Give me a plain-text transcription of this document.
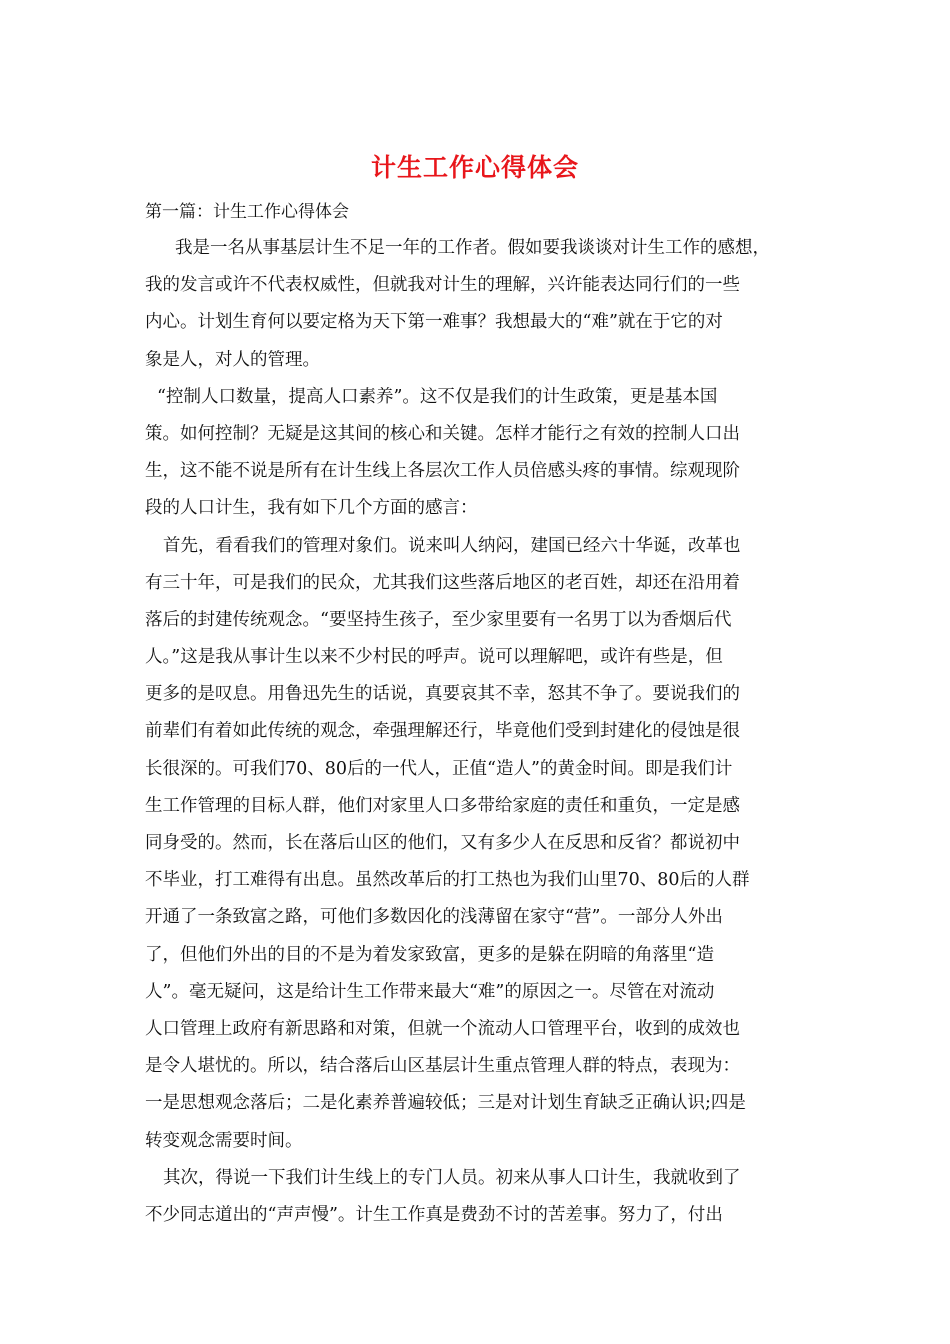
计生工作心得体会
第一篇：计生工作心得体会
我是一名从事基层计生不足一年的工作者。假如要我谈谈对计生工作的感想，
我的发言或许不代表权威性，但就我对计生的理解，兴许能表达同行们的一些
内心。计划生育何以要定格为天下第一难事？我想最大的“难”就在于它的对
象是人，对人的管理。
“控制人口数量，提高人口素养”。这不仅是我们的计生政策，更是基本国
策。如何控制？无疑是这其间的核心和关键。怎样才能行之有效的控制人口出
生，这不能不说是所有在计生线上各层次工作人员倍感头疼的事情。综观现阶
段的人口计生，我有如下几个方面的感言：
首先，看看我们的管理对象们。说来叫人纳闷，建国已经六十华诞，改革也
有三十年，可是我们的民众，尤其我们这些落后地区的老百姓，却还在沿用着
落后的封建传统观念。“要坚持生孩子，至少家里要有一名男丁以为香烟后代
人。”这是我从事计生以来不少村民的呼声。说可以理解吧，或许有些是，但
更多的是叹息。用鲁迅先生的话说，真要哀其不幸，怒其不争了。要说我们的
前辈们有着如此传统的观念，牵强理解还行，毕竟他们受到封建化的侵蚀是很
长很深的。可我们70、80后的一代人，正值“造人”的黄金时间。即是我们计
生工作管理的目标人群，他们对家里人口多带给家庭的责任和重负，一定是感
同身受的。然而，长在落后山区的他们，又有多少人在反思和反省？都说初中
不毕业，打工难得有出息。虽然改革后的打工热也为我们山里70、80后的人群
开通了一条致富之路，可他们多数因化的浅薄留在家守“营”。一部分人外出
了，但他们外出的目的不是为着发家致富，更多的是躲在阴暗的角落里“造
人”。毫无疑问，这是给计生工作带来最大“难”的原因之一。尽管在对流动
人口管理上政府有新思路和对策，但就一个流动人口管理平台，收到的成效也
是令人堪忧的。所以，结合落后山区基层计生重点管理人群的特点，表现为：
一是思想观念落后；二是化素养普遍较低；三是对计划生育缺乏正确认识;四是
转变观念需要时间。
其次，得说一下我们计生线上的专门人员。初来从事人口计生，我就收到了
不少同志道出的“声声慢”。计生工作真是费劲不讨的苦差事。努力了，付出
